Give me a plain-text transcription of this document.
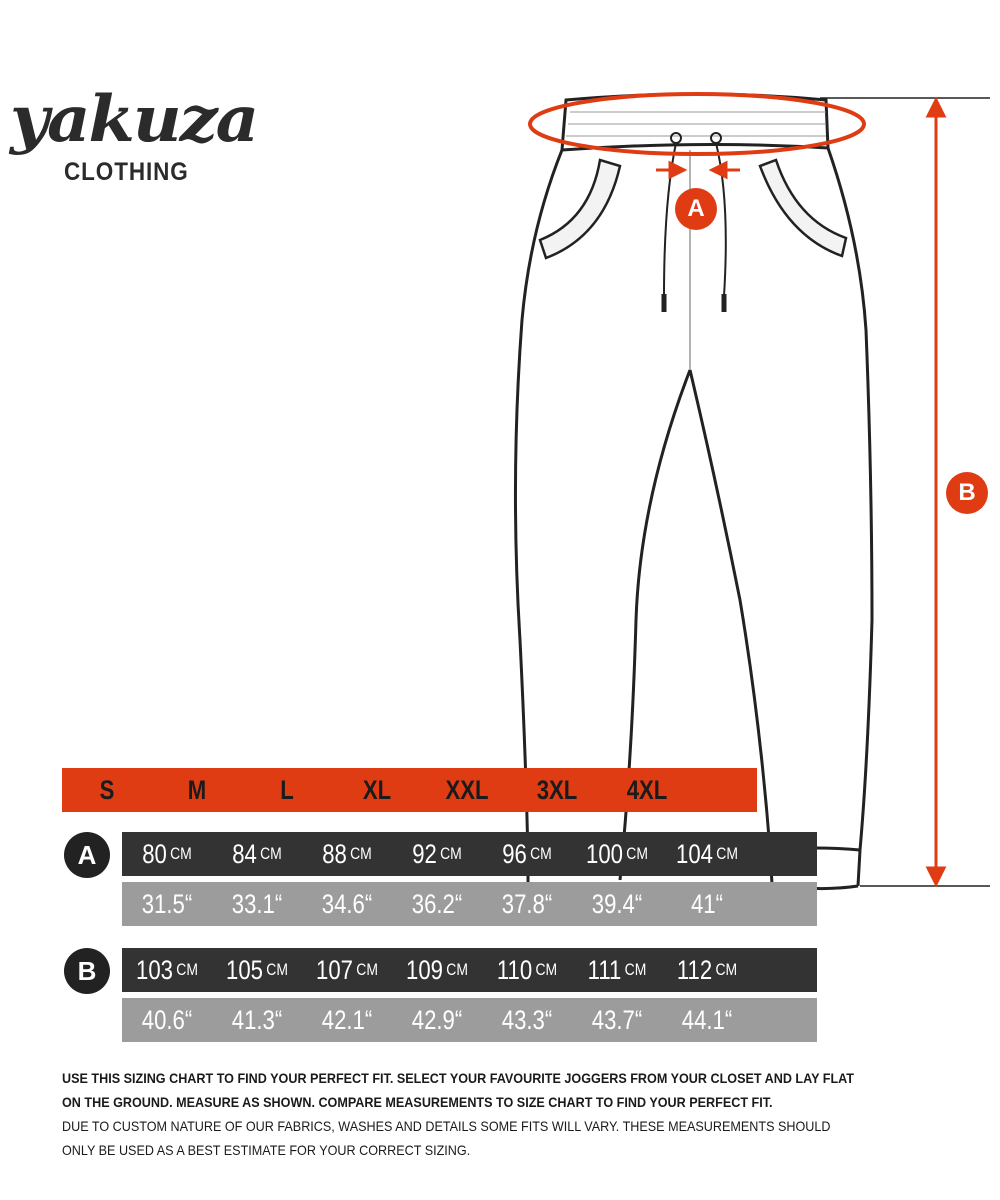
yakuza
CLOTHING
A
B
S	M	L	XL	XXL	3XL	4XL
A	80 CM 84 CM 88 CM 92 CM 96 CM 100 CM 104 CM
31.5“	33.1“	34.6“	36.2“	37.8“	39.4“	41“
B	103 CM 105 CM 107 CM 109 CM 110 CM 111 CM 112 CM
40.6“	41.3“	42.1“	42.9“	43.3“	43.7“	44.1“

USE THIS SIZING CHART TO FIND YOUR PERFECT FIT. SELECT YOUR FAVOURITE JOGGERS FROM YOUR CLOSET AND LAY FLAT ON THE GROUND. MEASURE AS SHOWN. COMPARE MEASUREMENTS TO SIZE CHART TO FIND YOUR PERFECT FIT.

DUE TO CUSTOM NATURE OF OUR FABRICS, WASHES AND DETAILS SOME FITS WILL VARY. THESE MEASUREMENTS SHOULD ONLY BE USED AS A BEST ESTIMATE FOR YOUR CORRECT SIZING.
